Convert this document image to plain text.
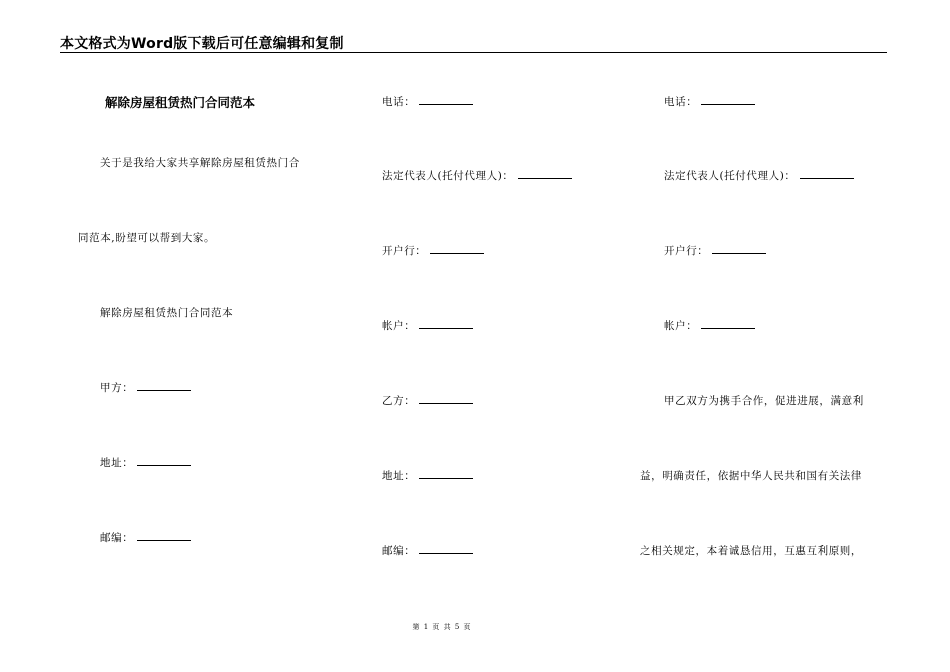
本文格式为Word版下载后可任意编辑和复制
解除房屋租赁热门合同范本
关于是我给大家共享解除房屋租赁热门合
同范本,盼望可以帮到大家。
解除房屋租赁热门合同范本
甲方：
地址：
邮编：
电话：
法定代表人(托付代理人)：
开户行：
帐户：
乙方：
地址：
邮编：
电话：
法定代表人(托付代理人)：
开户行：
帐户：
甲乙双方为携手合作，促进进展，满意利
益，明确责任，依据中华人民共和国有关法律
之相关规定，本着诚恳信用，互惠互利原则，
第 1 页 共 5 页
